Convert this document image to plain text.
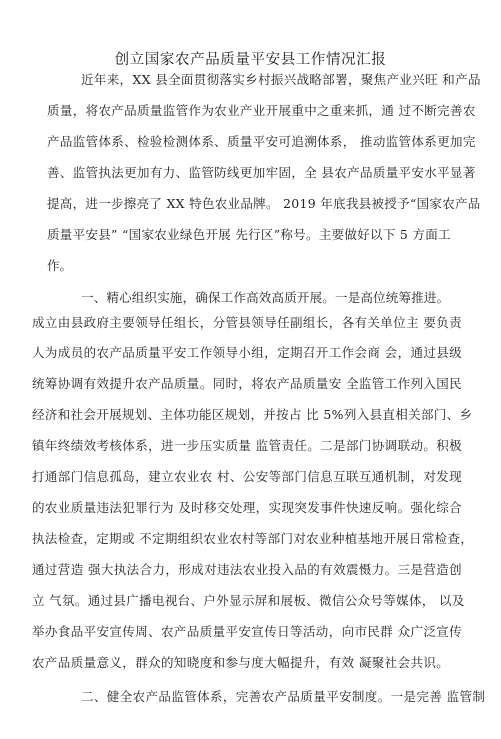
创立国家农产品质量平安县工作情况汇报
近年来，XX 县全面贯彻落实乡村振兴战略部署，聚焦产业兴旺 和产品
质量，将农产品质量监管作为农业产业开展重中之重来抓，通 过不断完善农
产品监管体系、检验检测体系、质量平安可追溯体系， 推动监管体系更加完
善、监管执法更加有力、监管防线更加牢固，全 县农产品质量平安水平显著
提高，进一步擦亮了 XX 特色农业品牌。 2019 年底我县被授予“国家农产品
质量平安县” “国家农业绿色开展 先行区”称号。主要做好以下 5 方面工
作。
一、精心组织实施，确保工作高效高质开展。一是高位统筹推进。
成立由县政府主要领导任组长，分管县领导任副组长，各有关单位主 要负责
人为成员的农产品质量平安工作领导小组，定期召开工作会商 会，通过县级
统筹协调有效提升农产品质量。同时，将农产品质量安 全监管工作列入国民
经济和社会开展规划、主体功能区规划，并按占 比 5%列入县直相关部门、乡
镇年终绩效考核体系，进一步压实质量 监管责任。二是部门协调联动。积极
打通部门信息孤岛，建立农业农 村、公安等部门信息互联互通机制，对发现
的农业质量违法犯罪行为 及时移交处理，实现突发事件快速反响。强化综合
执法检查，定期或 不定期组织农业农村等部门对农业种植基地开展日常检查，
通过营造 强大执法合力，形成对违法农业投入品的有效震慑力。三是营造创
立 气氛。通过县广播电视台、户外显示屏和展板、微信公众号等媒体， 以及
举办食品平安宣传周、农产品质量平安宣传日等活动，向市民群 众广泛宣传
农产品质量意义，群众的知晓度和参与度大幅提升，有效 凝聚社会共识。
二、健全农产品监管体系，完善农产品质量平安制度。一是完善 监管制
